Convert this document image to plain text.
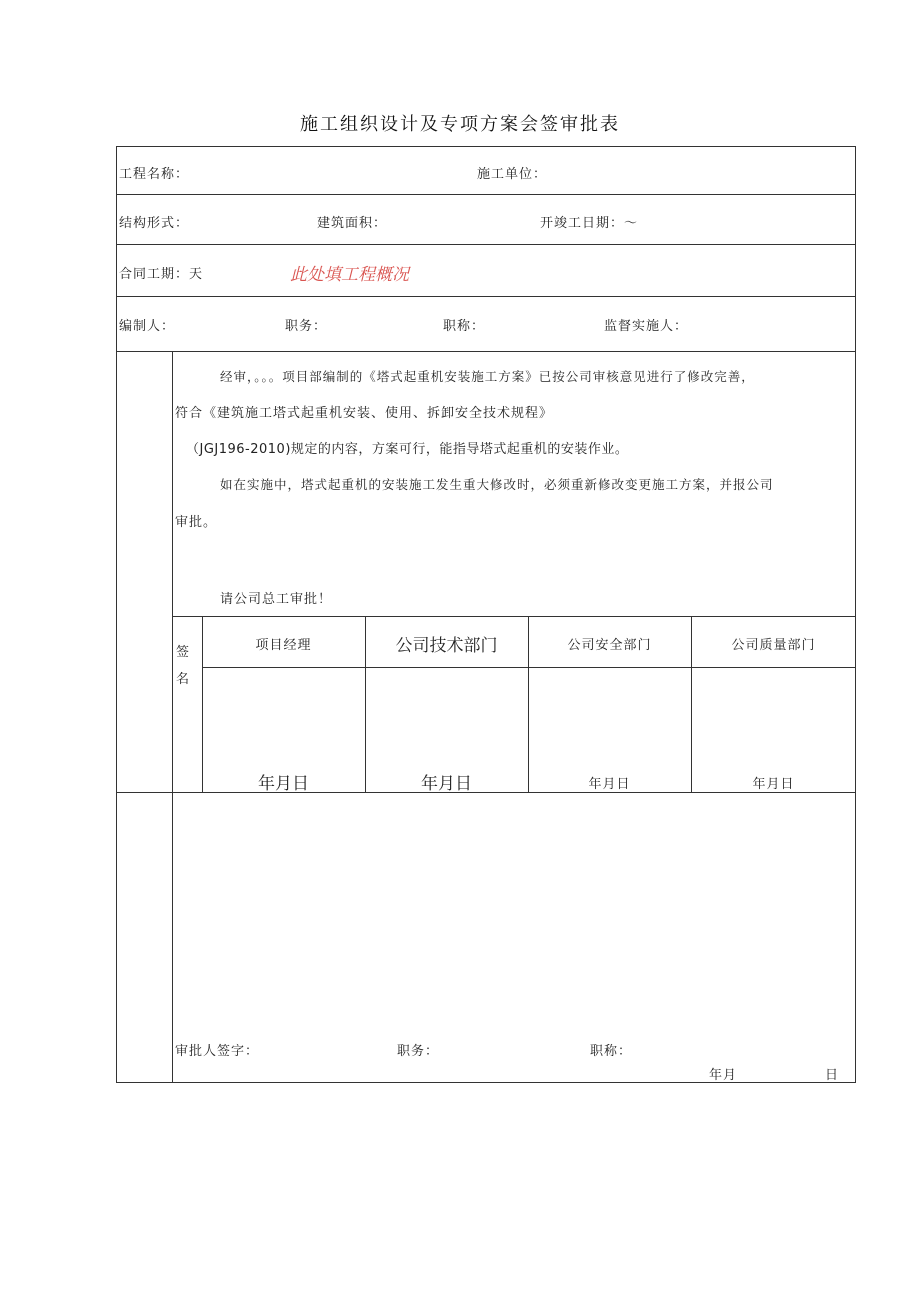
施工组织设计及专项方案会签审批表
工程名称：	施工单位：
结构形式：	建筑面积：	开竣工日期：～
合同工期：天	此处填工程概况
编制人：	职务：	职称：	监督实施人：
经审，。。。项目部编制的《塔式起重机安装施工方案》已按公司审核意见进行了修改完善，
符合《建筑施工塔式起重机安装、使用、拆卸安全技术规程》
（JGJ196-2010)规定的内容，方案可行，能指导塔式起重机的安装作业。
如在实施中，塔式起重机的安装施工发生重大修改时，必须重新修改变更施工方案，并报公司
审批。
请公司总工审批！
签
名
项目经理	公司技术部门	公司安全部门	公司质量部门
年月日	年月日	年月日	年月日
审批人签字：	职务：	职称：
年月	日
